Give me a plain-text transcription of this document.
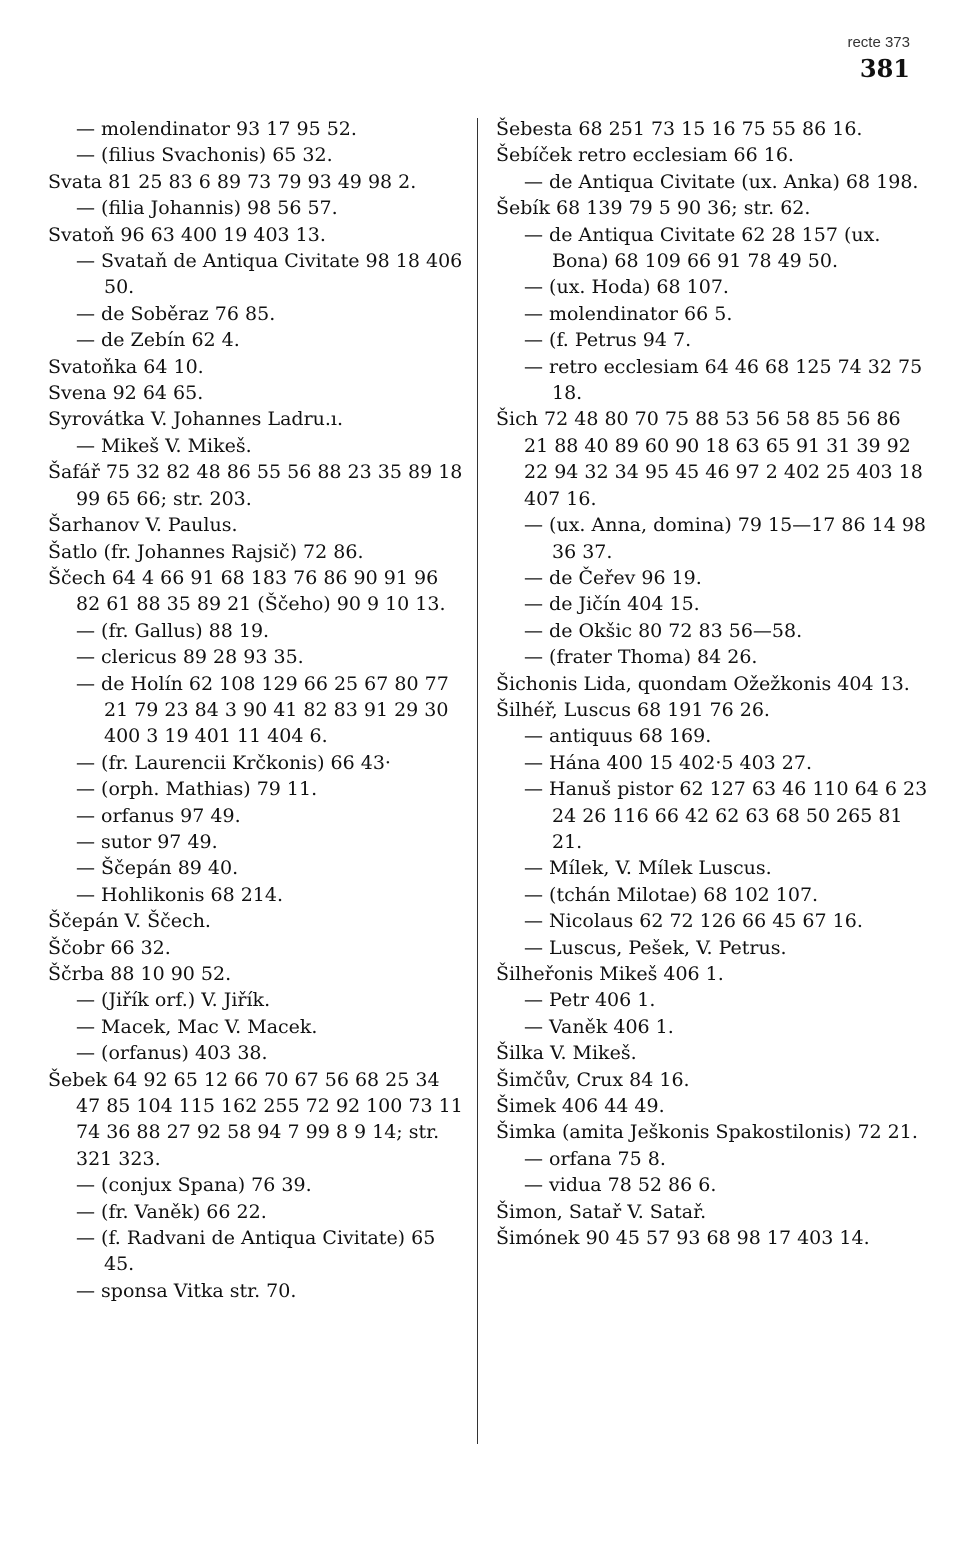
recte 373
381

— molendinator 93 17 95 52.

— (filius Svachonis) 65 32.

Svata 81 25 83 6 89 73 79 93 49 98 2.

— (filia Johannis) 98 56 57.

Svatoň 96 63 400 19 403 13.

— Svataň de Antiqua Civitate 98 18 406 50.

— de Soběraz 76 85.

— de Zebín 62 4.

Svatoňka 64 10.

Svena 92 64 65.

Syrovátka V. Johannes Ladru.ı.

— Mikeš V. Mikeš.

Šafář 75 32 82 48 86 55 56 88 23 35 89 18 99 65 66; str. 203.

Šarhanov V. Paulus.

Šatlo (fr. Johannes Rajsič) 72 86.

Ščech 64 4 66 91 68 183 76 86 90 91 96 82 61 88 35 89 21 (Ščeho) 90 9 10 13.

— (fr. Gallus) 88 19.

— clericus 89 28 93 35.

— de Holín 62 108 129 66 25 67 80 77 21 79 23 84 3 90 41 82 83 91 29 30 400 3 19 401 11 404 6.

— (fr. Laurencii Krčkonis) 66 43·

— (orph. Mathias) 79 11.

— orfanus 97 49.

— sutor 97 49.

— Ščepán 89 40.

— Hohlikonis 68 214.

Ščepán V. Ščech.

Ščobr 66 32.

Ščrba 88 10 90 52.

— (Jiřík orf.) V. Jiřík.

— Macek, Mac V. Macek.

— (orfanus) 403 38.

Šebek 64 92 65 12 66 70 67 56 68 25 34 47 85 104 115 162 255 72 92 100 73 11 74 36 88 27 92 58 94 7 99 8 9 14; str. 321 323.

— (conjux Spana) 76 39.

— (fr. Vaněk) 66 22.

— (f. Radvani de Antiqua Civitate) 65 45.

— sponsa Vitka str. 70.

Šebesta 68 251 73 15 16 75 55 86 16.

Šebíček retro ecclesiam 66 16.

— de Antiqua Civitate (ux. Anka) 68 198.

Šebík 68 139 79 5 90 36; str. 62.

— de Antiqua Civitate 62 28 157 (ux. Bona) 68 109 66 91 78 49 50.

— (ux. Hoda) 68 107.

— molendinator 66 5.

— (f. Petrus 94 7.

— retro ecclesiam 64 46 68 125 74 32 75 18.

Šich 72 48 80 70 75 88 53 56 58 85 56 86 21 88 40 89 60 90 18 63 65 91 31 39 92 22 94 32 34 95 45 46 97 2 402 25 403 18 407 16.

— (ux. Anna, domina) 79 15—17 86 14 98 36 37.

— de Čeřev 96 19.

— de Jičín 404 15.

— de Okšic 80 72 83 56—58.

— (frater Thoma) 84 26.

Šichonis Lida, quondam Ožežkonis 404 13.

Šilhéř, Luscus 68 191 76 26.

— antiquus 68 169.

— Hána 400 15 402·5 403 27.

— Hanuš pistor 62 127 63 46 110 64 6 23 24 26 116 66 42 62 63 68 50 265 81 21.

— Mílek, V. Mílek Luscus.

— (tchán Milotae) 68 102 107.

— Nicolaus 62 72 126 66 45 67 16.

— Luscus, Pešek, V. Petrus.

Šilheřonis Mikeš 406 1.

— Petr 406 1.

— Vaněk 406 1.

Šilka V. Mikeš.

Šimčův, Crux 84 16.

Šimek 406 44 49.

Šimka (amita Ješkonis Spakostilonis) 72 21.

— orfana 75 8.

— vidua 78 52 86 6.

Šimon, Satař V. Satař.

Šimónek 90 45 57 93 68 98 17 403 14.
